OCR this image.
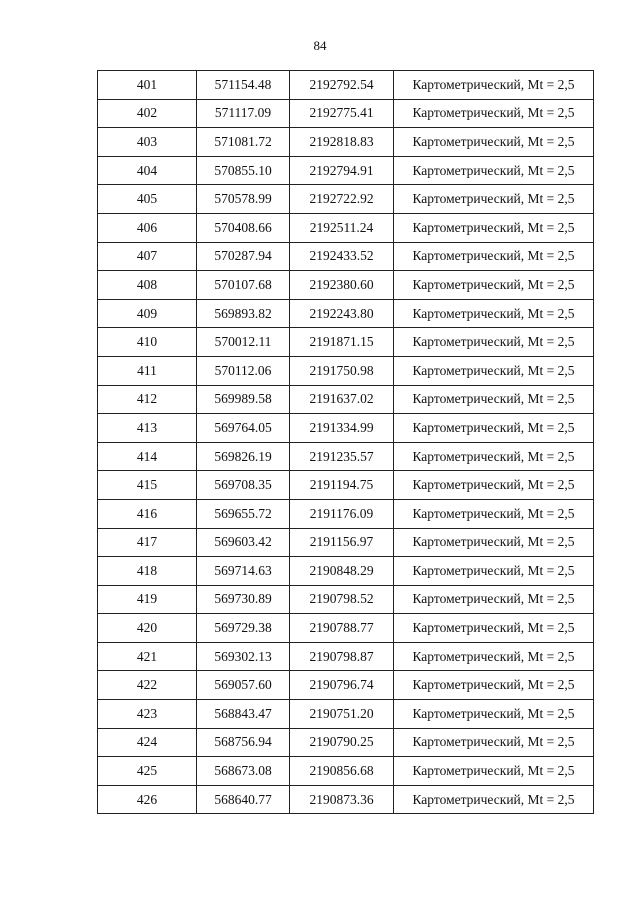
84
401	571154.48	2192792.54	Картометрический, Mt = 2,5
402	571117.09	2192775.41	Картометрический, Mt = 2,5
403	571081.72	2192818.83	Картометрический, Mt = 2,5
404	570855.10	2192794.91	Картометрический, Mt = 2,5
405	570578.99	2192722.92	Картометрический, Mt = 2,5
406	570408.66	2192511.24	Картометрический, Mt = 2,5
407	570287.94	2192433.52	Картометрический, Mt = 2,5
408	570107.68	2192380.60	Картометрический, Mt = 2,5
409	569893.82	2192243.80	Картометрический, Mt = 2,5
410	570012.11	2191871.15	Картометрический, Mt = 2,5
411	570112.06	2191750.98	Картометрический, Mt = 2,5
412	569989.58	2191637.02	Картометрический, Mt = 2,5
413	569764.05	2191334.99	Картометрический, Mt = 2,5
414	569826.19	2191235.57	Картометрический, Mt = 2,5
415	569708.35	2191194.75	Картометрический, Mt = 2,5
416	569655.72	2191176.09	Картометрический, Mt = 2,5
417	569603.42	2191156.97	Картометрический, Mt = 2,5
418	569714.63	2190848.29	Картометрический, Mt = 2,5
419	569730.89	2190798.52	Картометрический, Mt = 2,5
420	569729.38	2190788.77	Картометрический, Mt = 2,5
421	569302.13	2190798.87	Картометрический, Mt = 2,5
422	569057.60	2190796.74	Картометрический, Mt = 2,5
423	568843.47	2190751.20	Картометрический, Mt = 2,5
424	568756.94	2190790.25	Картометрический, Mt = 2,5
425	568673.08	2190856.68	Картометрический, Mt = 2,5
426	568640.77	2190873.36	Картометрический, Mt = 2,5
